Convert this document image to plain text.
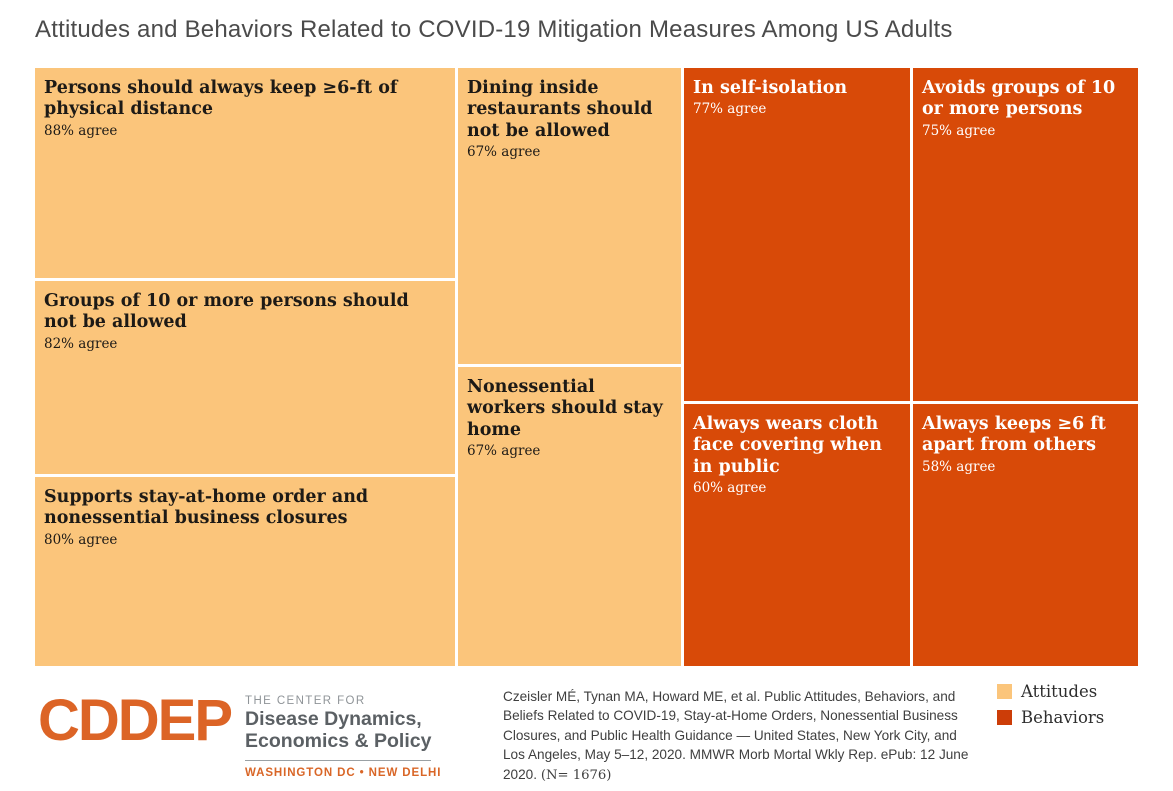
Attitudes and Behaviors Related to COVID-19 Mitigation Measures Among US Adults
Persons should always keep ≥6-ft of physical distance
88% agree
Groups of 10 or more persons should not be allowed
82% agree
Supports stay-at-home order and nonessential business closures
80% agree
Dining inside restaurants should not be allowed
67% agree
Nonessential workers should stay home
67% agree
In self-isolation
77% agree
Avoids groups of 10 or more persons
75% agree
Always wears cloth face covering when in public
60% agree
Always keeps ≥6 ft apart from others
58% agree
CDDEP THE CENTER FOR
Disease Dynamics,
Economics & Policy
WASHINGTON DC • NEW DELHI
Czeisler MÉ, Tynan MA, Howard ME, et al. Public Attitudes, Behaviors, and Beliefs Related to COVID-19, Stay-at-Home Orders, Nonessential Business Closures, and Public Health Guidance — United States, New York City, and Los Angeles, May 5–12, 2020. MMWR Morb Mortal Wkly Rep. ePub: 12 June 2020. (N= 1676)
Attitudes
Behaviors
